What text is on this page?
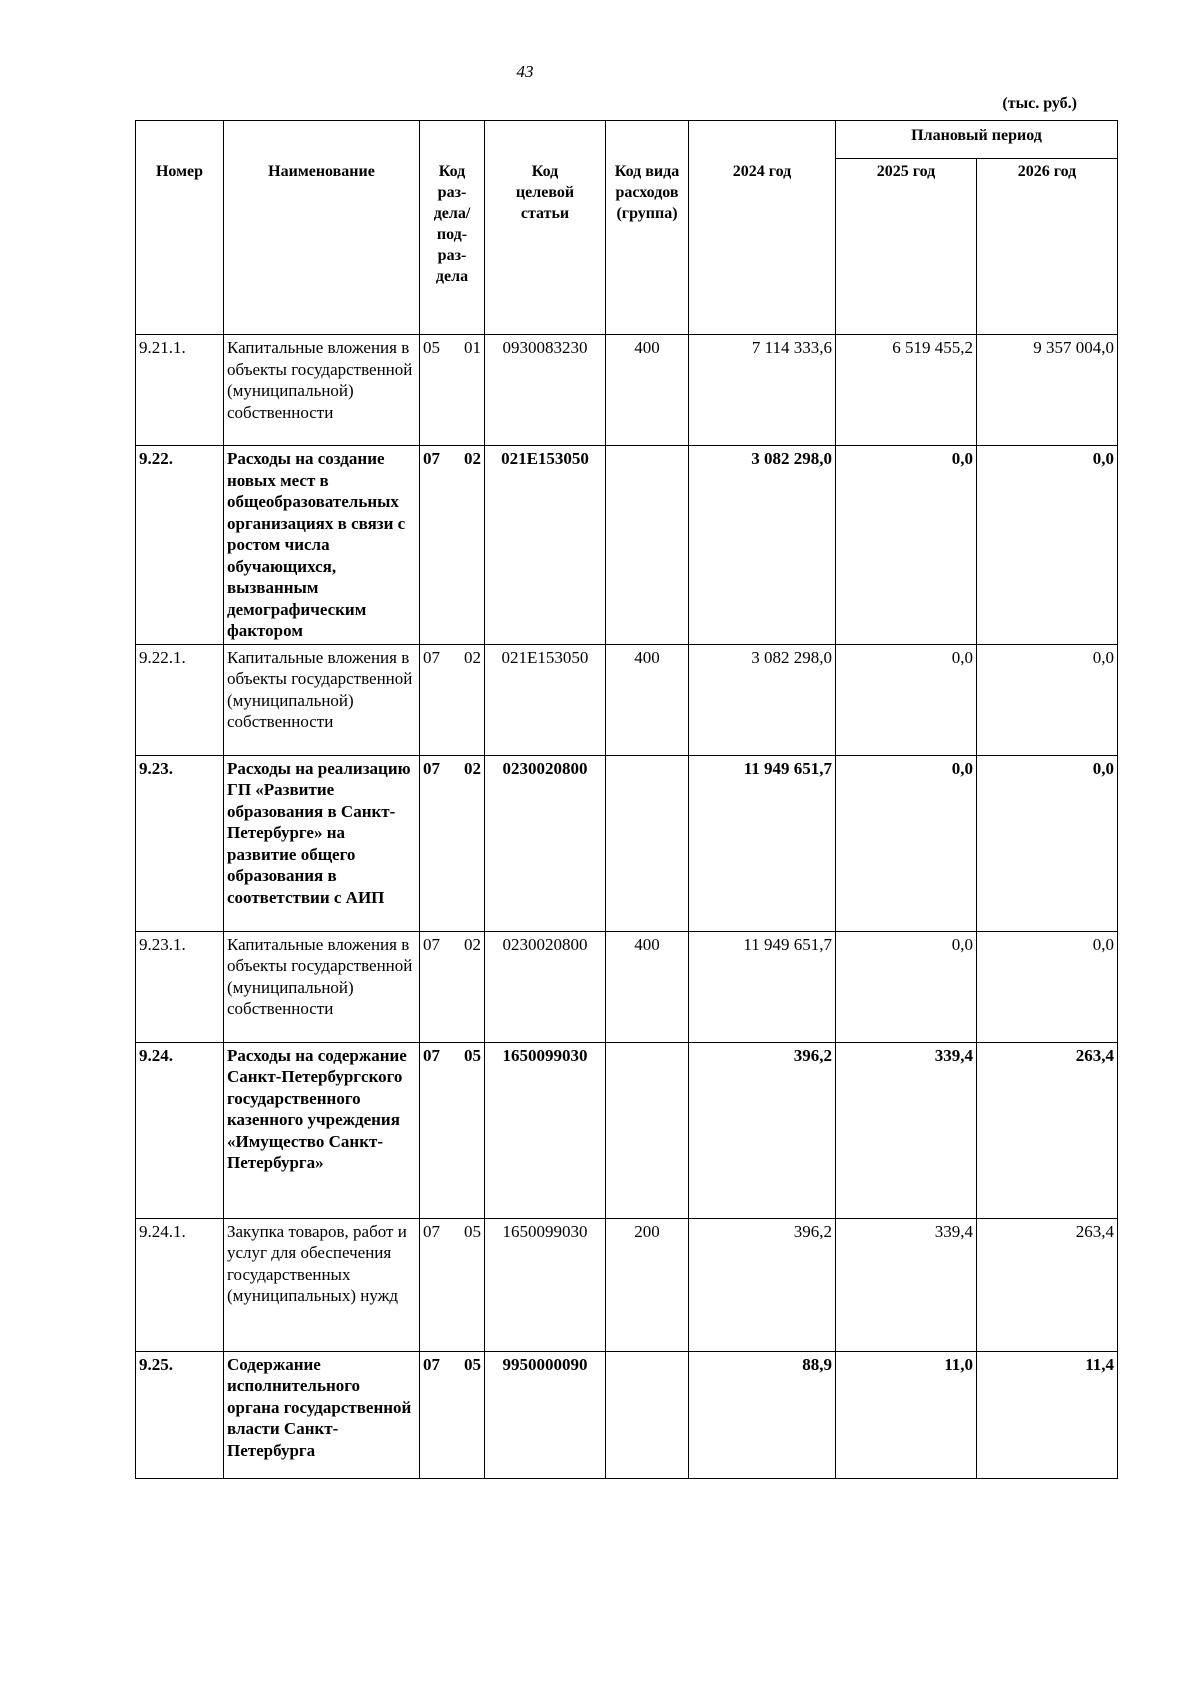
43
(тыс. руб.)
Номер	Наименование	Код раз-дела/ под-раз-дела	Код целевой статьи	Код вида расходов (группа)	2024 год	Плановый период	
						2025 год	2026 год
9.21.1.	Капитальные вложения в объекты государственной (муниципальной) собственности	05 01	0930083230	400	7 114 333,6	6 519 455,2	9 357 004,0
9.22.	Расходы на создание новых мест в общеобразовательных организациях в связи с ростом числа обучающихся, вызванным демографическим фактором	07 02	021E153050		3 082 298,0	0,0	0,0
9.22.1.	Капитальные вложения в объекты государственной (муниципальной) собственности	07 02	021E153050	400	3 082 298,0	0,0	0,0
9.23.	Расходы на реализацию ГП «Развитие образования в Санкт-Петербурге» на развитие общего образования в соответствии с АИП	07 02	0230020800		11 949 651,7	0,0	0,0
9.23.1.	Капитальные вложения в объекты государственной (муниципальной) собственности	07 02	0230020800	400	11 949 651,7	0,0	0,0
9.24.	Расходы на содержание Санкт-Петербургского государственного казенного учреждения «Имущество Санкт-Петербурга»	07 05	1650099030		396,2	339,4	263,4
9.24.1.	Закупка товаров, работ и услуг для обеспечения государственных (муниципальных) нужд	07 05	1650099030	200	396,2	339,4	263,4
9.25.	Содержание исполнительного органа государственной власти Санкт-Петербурга	07 05	9950000090		88,9	11,0	11,4
